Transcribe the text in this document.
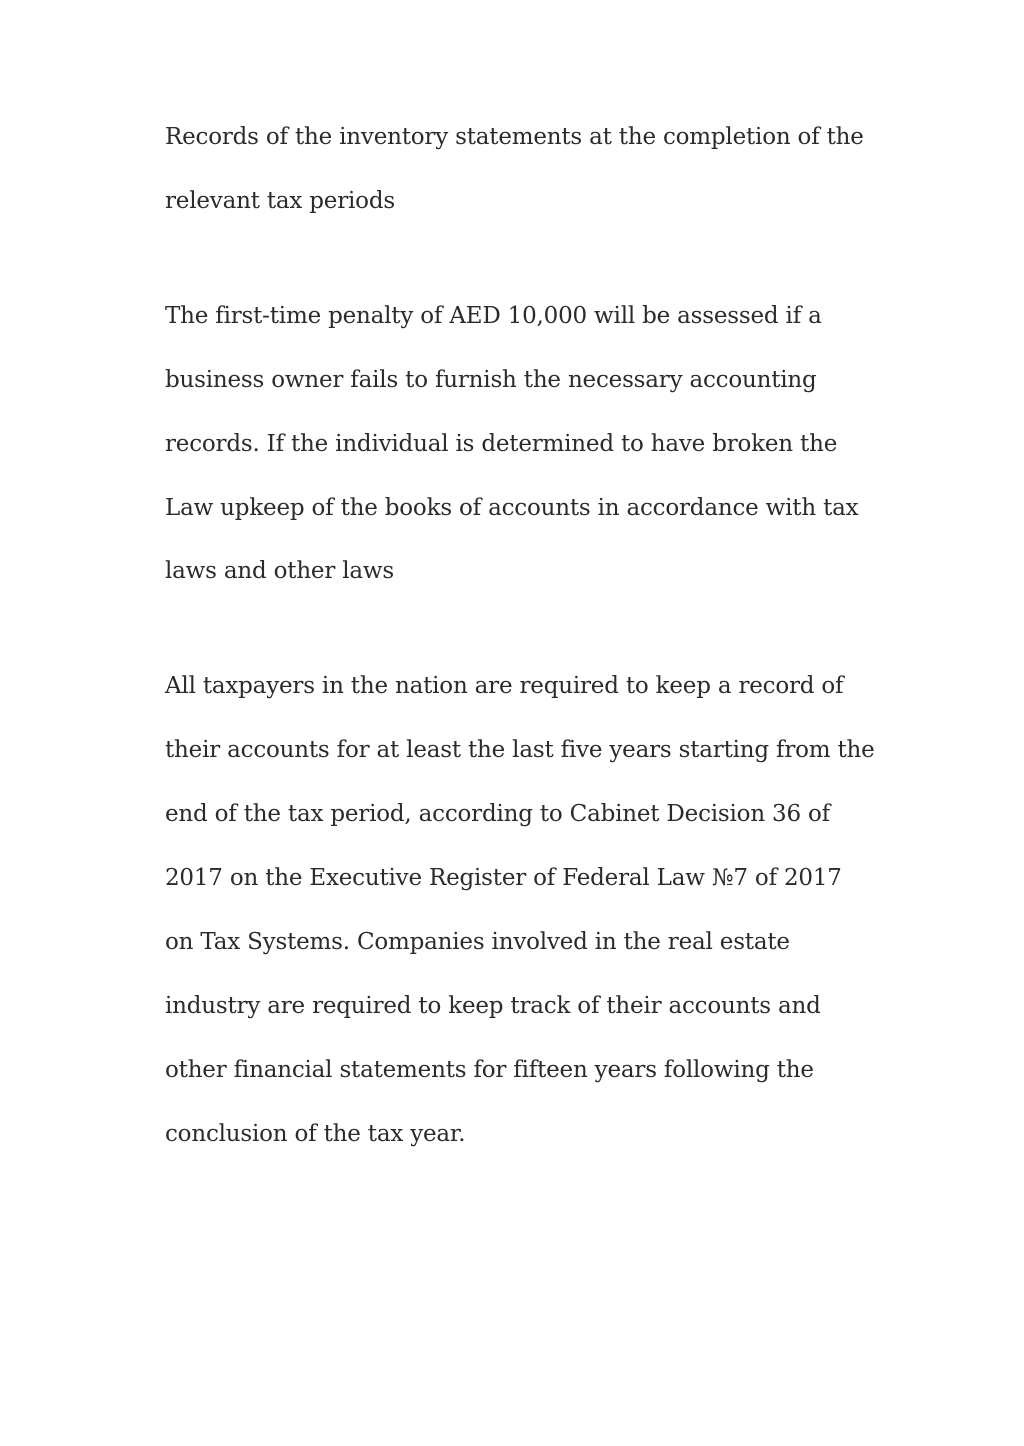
Records of the inventory statements at the completion of the
relevant tax periods

The first-time penalty of AED 10,000 will be assessed if a
business owner fails to furnish the necessary accounting
records. If the individual is determined to have broken the
Law upkeep of the books of accounts in accordance with tax
laws and other laws

All taxpayers in the nation are required to keep a record of
their accounts for at least the last five years starting from the
end of the tax period, according to Cabinet Decision 36 of
2017 on the Executive Register of Federal Law №7 of 2017
on Tax Systems. Companies involved in the real estate
industry are required to keep track of their accounts and
other financial statements for fifteen years following the
conclusion of the tax year.
